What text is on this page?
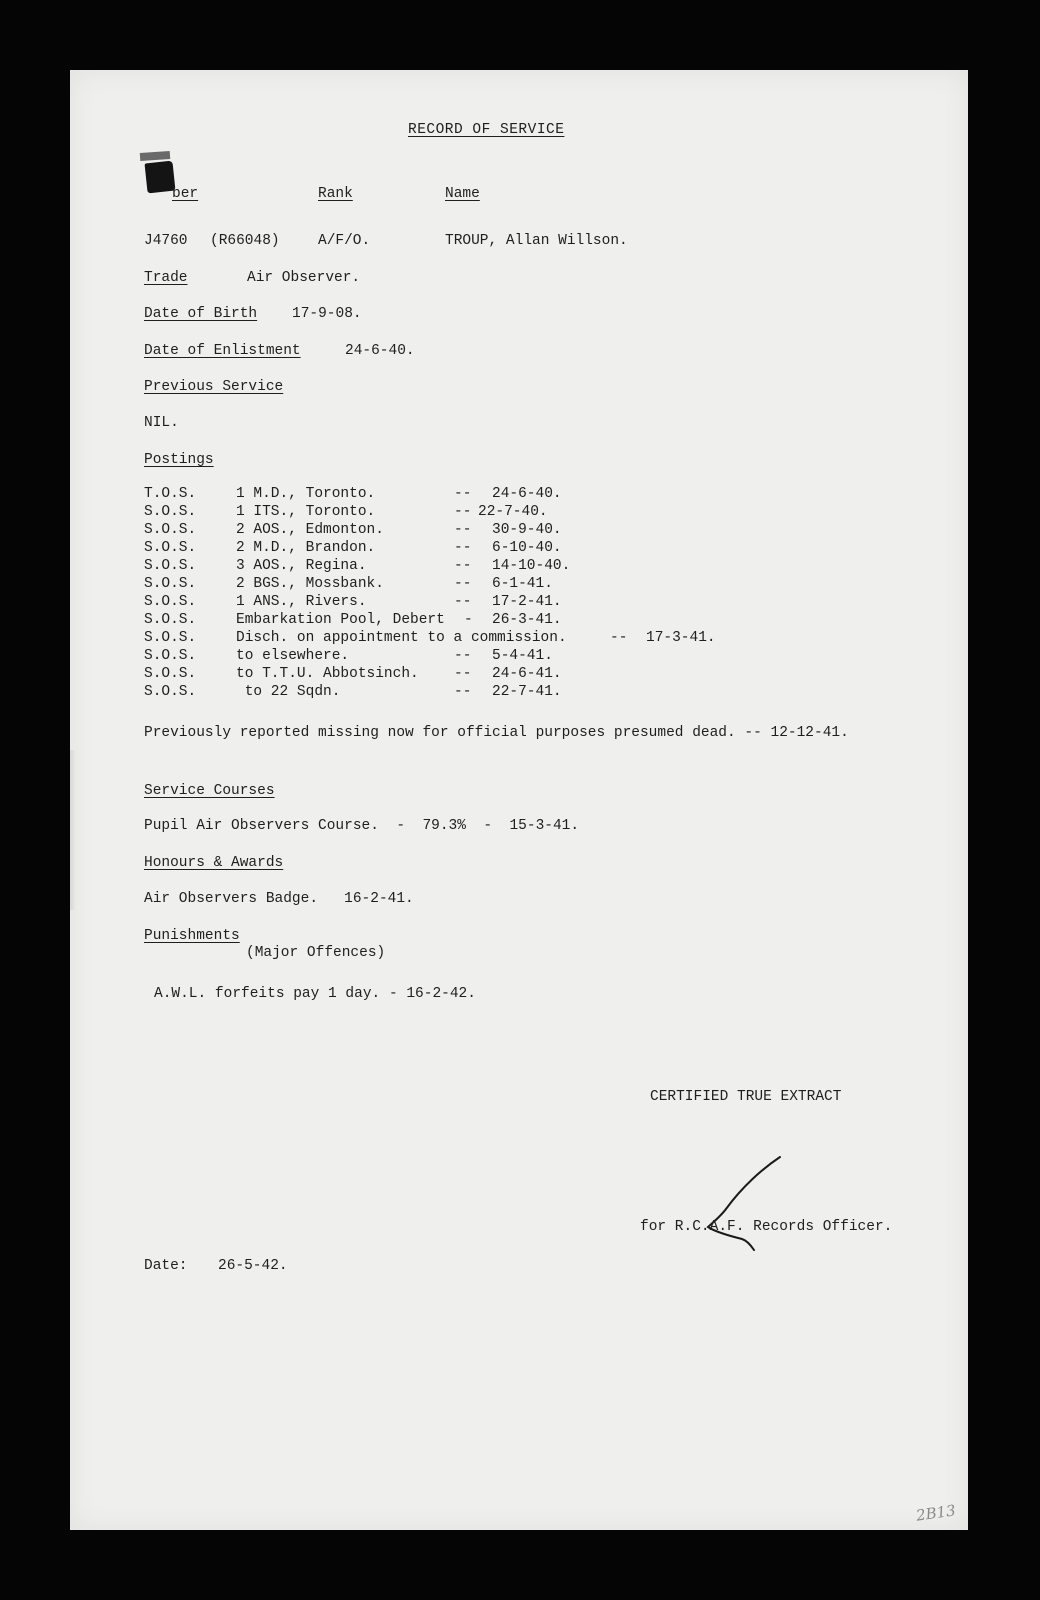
RECORD OF SERVICE
ber	Rank	Name
J4760 (R66048)	A/F/O.	TROUP, Allan Willson.
Trade	Air Observer.
Date of Birth 17-9-08.
Date of Enlistment	24-6-40.
Previous Service
NIL.
Postings
T.O.S.	1 M.D., Toronto.	-- 24-6-40.
S.O.S.	1 ITS., Toronto.	-- 22-7-40.
S.O.S.	2 AOS., Edmonton.	-- 30-9-40.
S.O.S.	2 M.D., Brandon.	-- 6-10-40.
S.O.S.	3 AOS., Regina.	-- 14-10-40.
S.O.S.	2 BGS., Mossbank.	-- 6-1-41.
S.O.S.	1 ANS., Rivers.	-- 17-2-41.
S.O.S.	Embarkation Pool, Debert - 26-3-41.
S.O.S.	Disch. on appointment to a commission.	-- 17-3-41.
S.O.S.	to elsewhere.	-- 5-4-41.
S.O.S.	to T.T.U. Abbotsinch. -- 24-6-41.
S.O.S.	to 22 Sqdn.	-- 22-7-41.
Previously reported missing now for official purposes presumed dead. -- 12-12-41.
Service Courses
Pupil Air Observers Course.  -  79.3%  -  15-3-41.
Honours & Awards
Air Observers Badge.   16-2-41.
Punishments
(Major Offences)
A.W.L. forfeits pay 1 day. - 16-2-42.
CERTIFIED TRUE EXTRACT
for R.C.A.F. Records Officer.
Date: 26-5-42.
2B13
